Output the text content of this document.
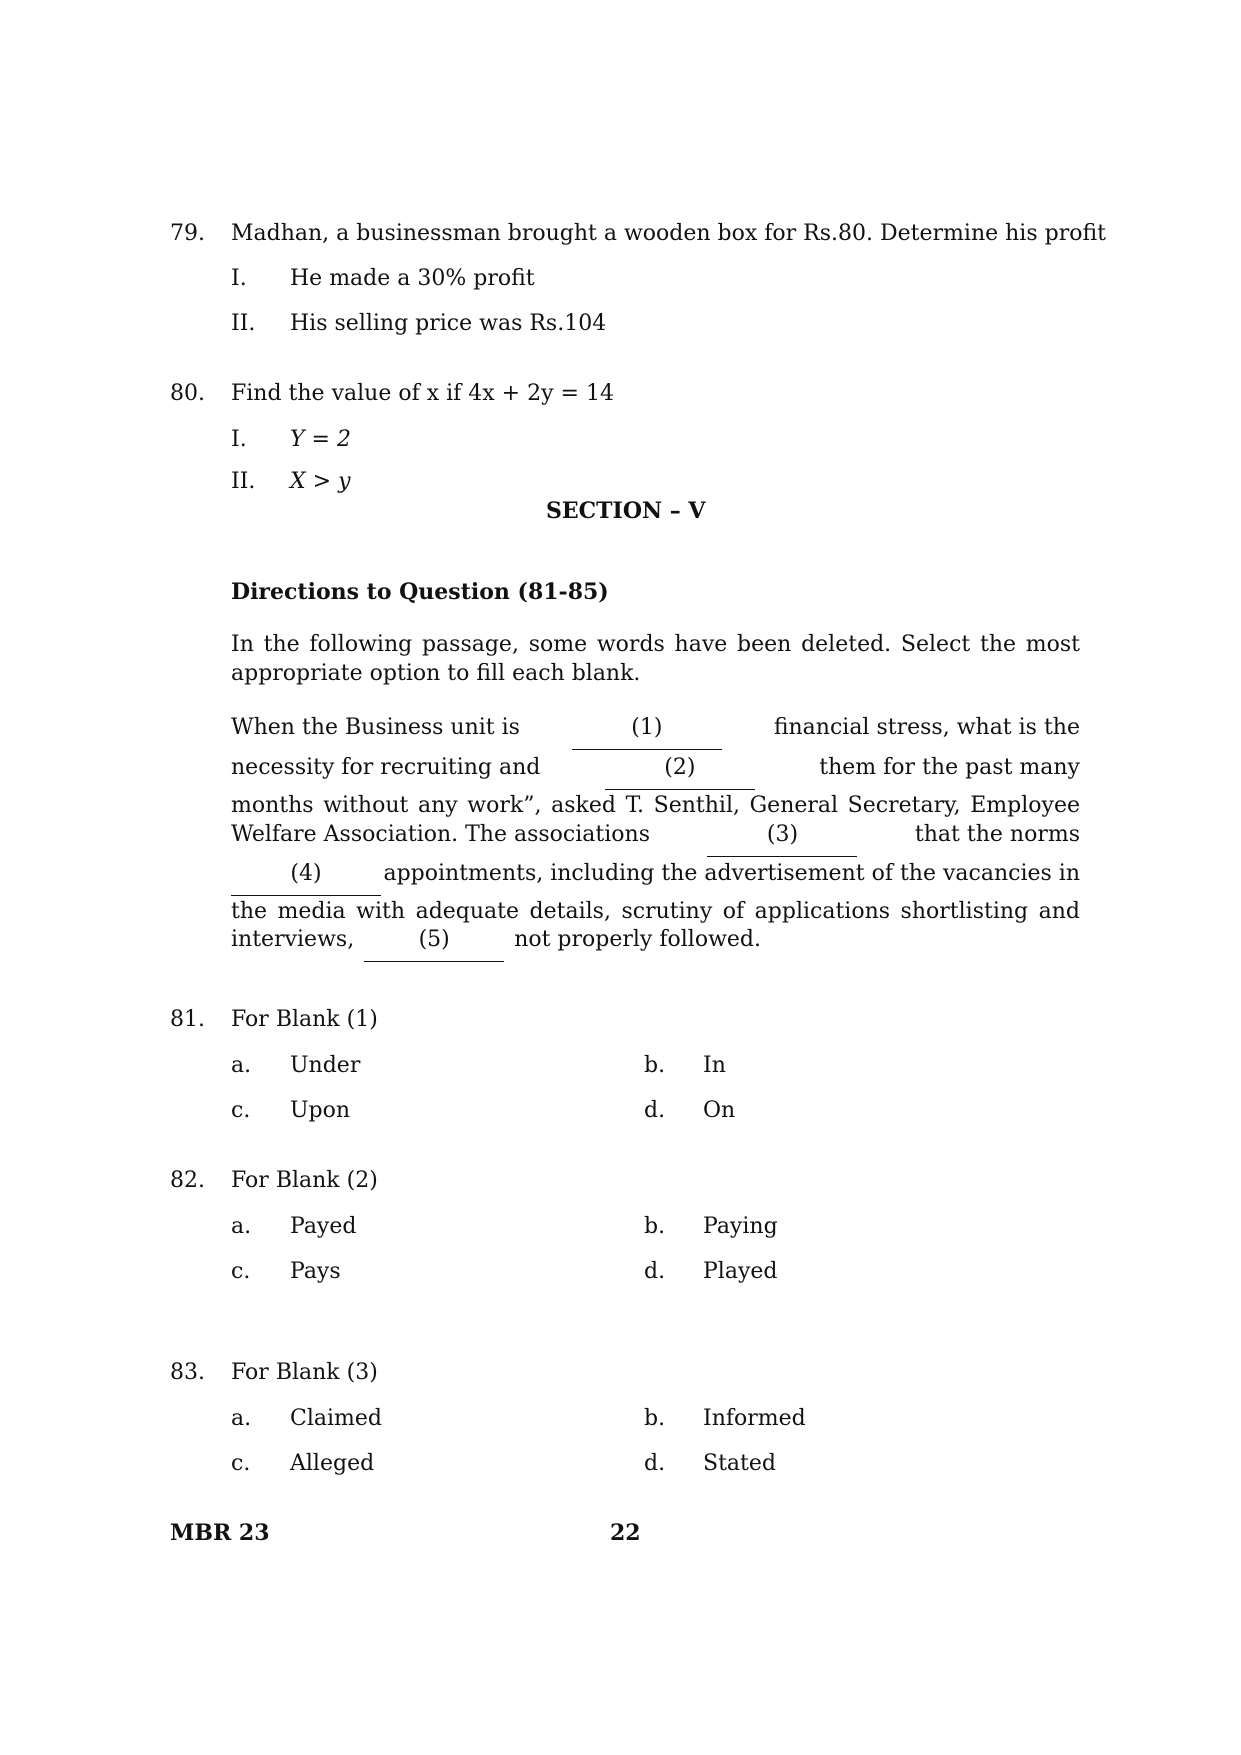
79. Madhan, a businessman brought a wooden box for Rs.80. Determine his profit
I. He made a 30% profit
II. His selling price was Rs.104
80. Find the value of x if 4x + 2y = 14
I. Y = 2
II. X > y
SECTION – V
Directions to Question (81-85)
In the following passage, some words have been deleted. Select the most appropriate option to fill each blank.
When the Business unit is	(1)	financial stress, what is the
necessity for recruiting and	(2)	them for the past many
months without any work”, asked T. Senthil, General Secretary, Employee
Welfare Association. The associations	(3)	that the norms
(4)	appointments, including the advertisement of the vacancies in
the media with adequate details, scrutiny of applications shortlisting and
interviews,	(5)	not properly followed.
81. For Blank (1)
a. Under	b. In
c. Upon	d. On
82. For Blank (2)
a. Payed	b. Paying
c. Pays	d. Played
83. For Blank (3)
a. Claimed	b. Informed
c. Alleged	d. Stated
MBR 23	22
